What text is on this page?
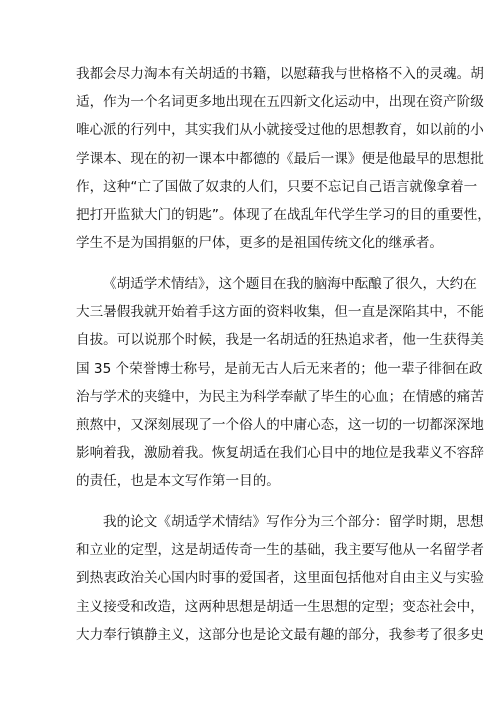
我都会尽力淘本有关胡适的书籍，以慰藉我与世格格不入的灵魂。胡
适，作为一个名词更多地出现在五四新文化运动中，出现在资产阶级
唯心派的行列中，其实我们从小就接受过他的思想教育，如以前的小
学课本、现在的初一课本中都德的《最后一课》便是他最早的思想批
作，这种“亡了国做了奴隶的人们，只要不忘记自己语言就像拿着一
把打开监狱大门的钥匙”。体现了在战乱年代学生学习的目的重要性，
学生不是为国捐躯的尸体，更多的是祖国传统文化的继承者。

《胡适学术情结》，这个题目在我的脑海中酝酿了很久，大约在
大三暑假我就开始着手这方面的资料收集，但一直是深陷其中，不能
自拔。可以说那个时候，我是一名胡适的狂热追求者，他一生获得美
国 35 个荣誉博士称号，是前无古人后无来者的；他一辈子徘徊在政
治与学术的夹缝中，为民主为科学奉献了毕生的心血；在情感的痛苦
煎熬中，又深刻展现了一个俗人的中庸心态，这一切的一切都深深地
影响着我，激励着我。恢复胡适在我们心目中的地位是我辈义不容辞
的责任，也是本文写作第一目的。

我的论文《胡适学术情结》写作分为三个部分：留学时期，思想
和立业的定型，这是胡适传奇一生的基础，我主要写他从一名留学者
到热衷政治关心国内时事的爱国者，这里面包括他对自由主义与实验
主义接受和改造，这两种思想是胡适一生思想的定型；变态社会中，
大力奉行镇静主义，这部分也是论文最有趣的部分，我参考了很多史
